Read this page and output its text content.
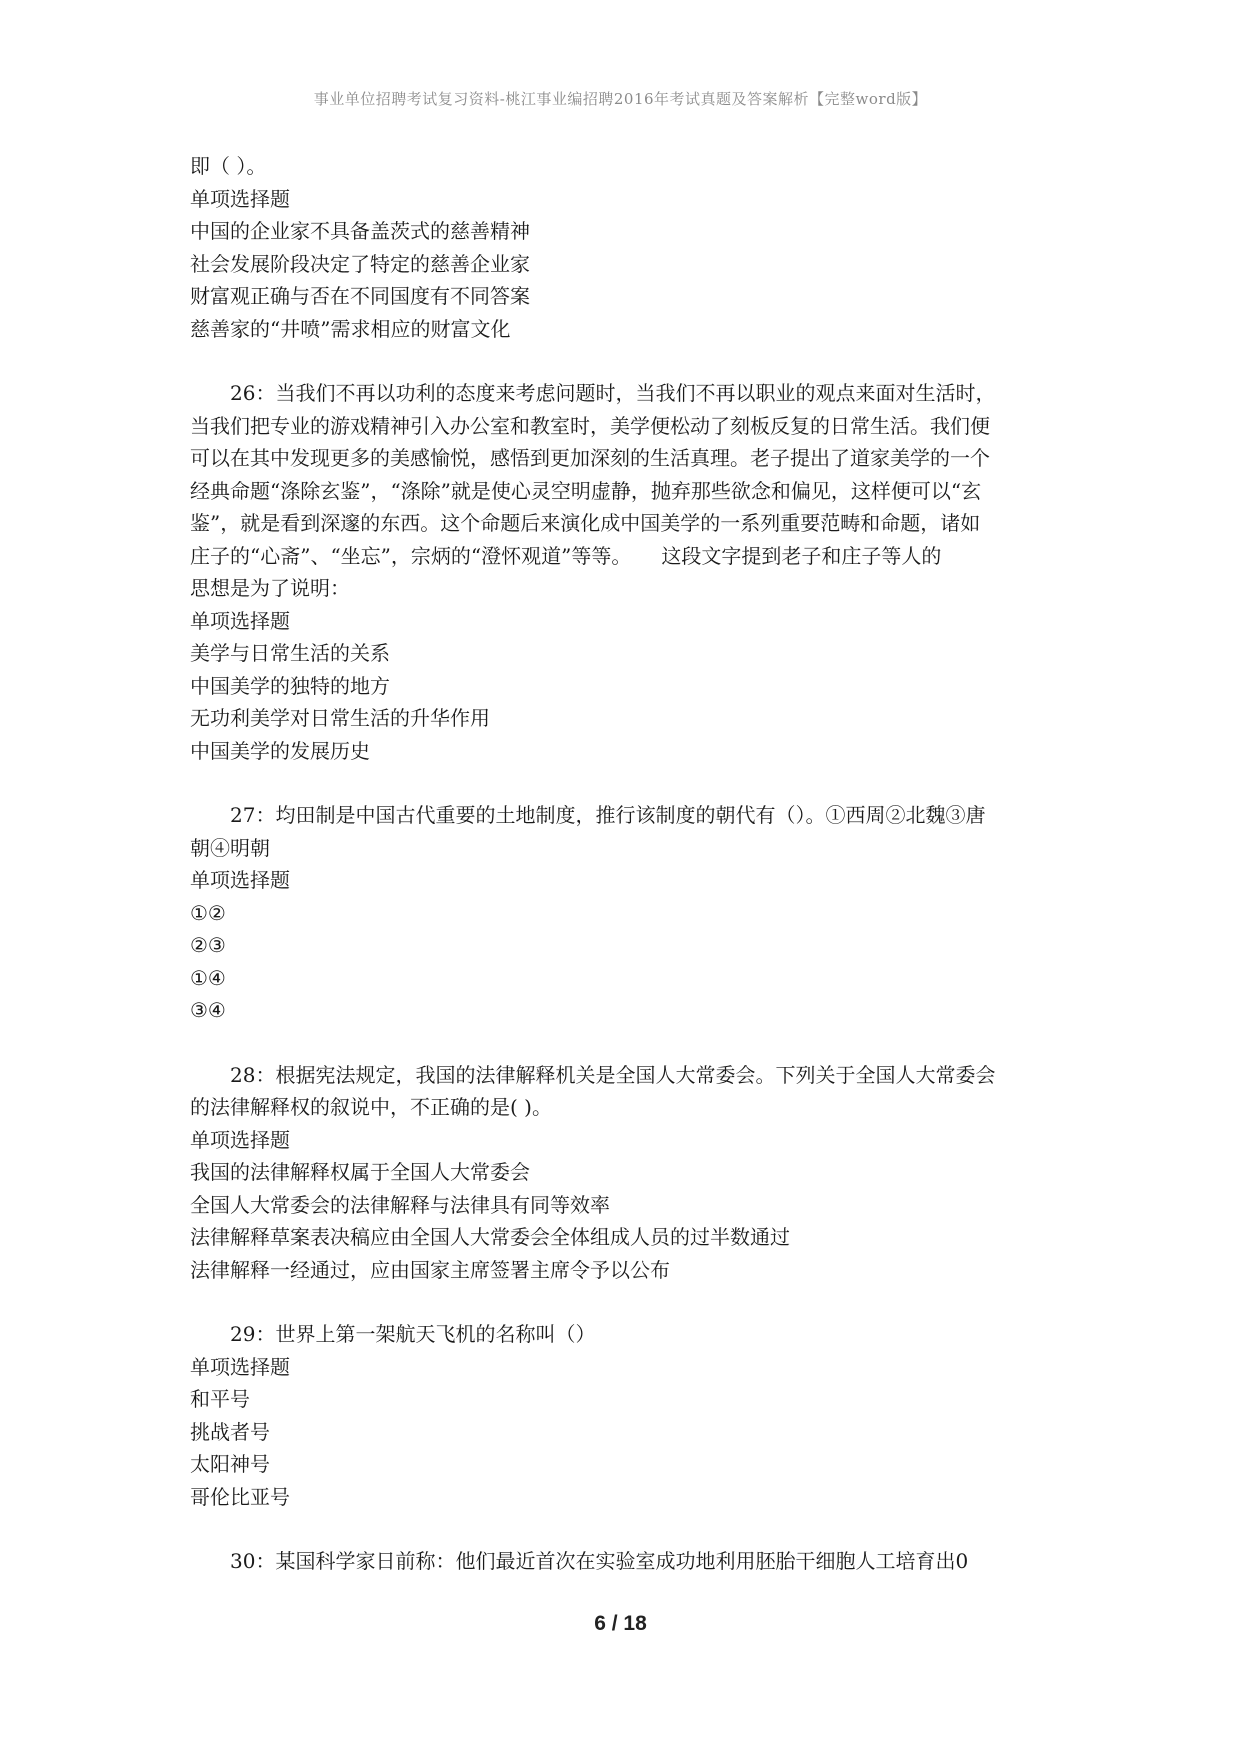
事业单位招聘考试复习资料-桃江事业编招聘2016年考试真题及答案解析【完整word版】
即（ ）。
单项选择题
中国的企业家不具备盖茨式的慈善精神
社会发展阶段决定了特定的慈善企业家
财富观正确与否在不同国度有不同答案
慈善家的“井喷”需求相应的财富文化
26：当我们不再以功利的态度来考虑问题时，当我们不再以职业的观点来面对生活时，
当我们把专业的游戏精神引入办公室和教室时，美学便松动了刻板反复的日常生活。我们便
可以在其中发现更多的美感愉悦，感悟到更加深刻的生活真理。老子提出了道家美学的一个
经典命题“涤除玄鉴”，“涤除”就是使心灵空明虚静，抛弃那些欲念和偏见，这样便可以“玄
鉴”，就是看到深邃的东西。这个命题后来演化成中国美学的一系列重要范畴和命题，诸如
庄子的“心斋”、“坐忘”，宗炳的“澄怀观道”等等。　　这段文字提到老子和庄子等人的
思想是为了说明：
单项选择题
美学与日常生活的关系
中国美学的独特的地方
无功利美学对日常生活的升华作用
中国美学的发展历史
27：均田制是中国古代重要的土地制度，推行该制度的朝代有（）。①西周②北魏③唐
朝④明朝
单项选择题
①②
②③
①④
③④
28：根据宪法规定，我国的法律解释机关是全国人大常委会。下列关于全国人大常委会
的法律解释权的叙说中，不正确的是( )。
单项选择题
我国的法律解释权属于全国人大常委会
全国人大常委会的法律解释与法律具有同等效率
法律解释草案表决稿应由全国人大常委会全体组成人员的过半数通过
法律解释一经通过，应由国家主席签署主席令予以公布
29：世界上第一架航天飞机的名称叫（）
单项选择题
和平号
挑战者号
太阳神号
哥伦比亚号
30：某国科学家日前称：他们最近首次在实验室成功地利用胚胎干细胞人工培育出0
6 / 18
